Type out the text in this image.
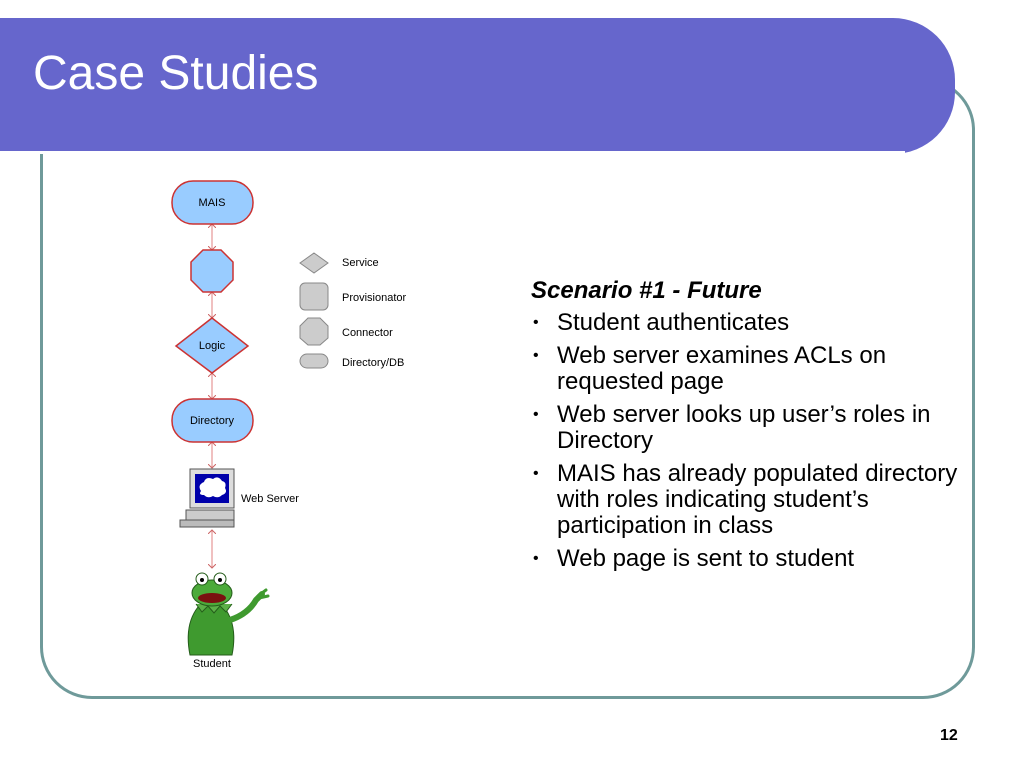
Case Studies
MAIS
Logic
Directory
Web Server
Student
Service
Provisionator
Connector
Directory/DB

Scenario #1 - Future

• Student authenticates
• Web server examines ACLs on requested page
• Web server looks up user’s roles in Directory
• MAIS has already populated directory with roles indicating student’s participation in class
• Web page is sent to student
12
